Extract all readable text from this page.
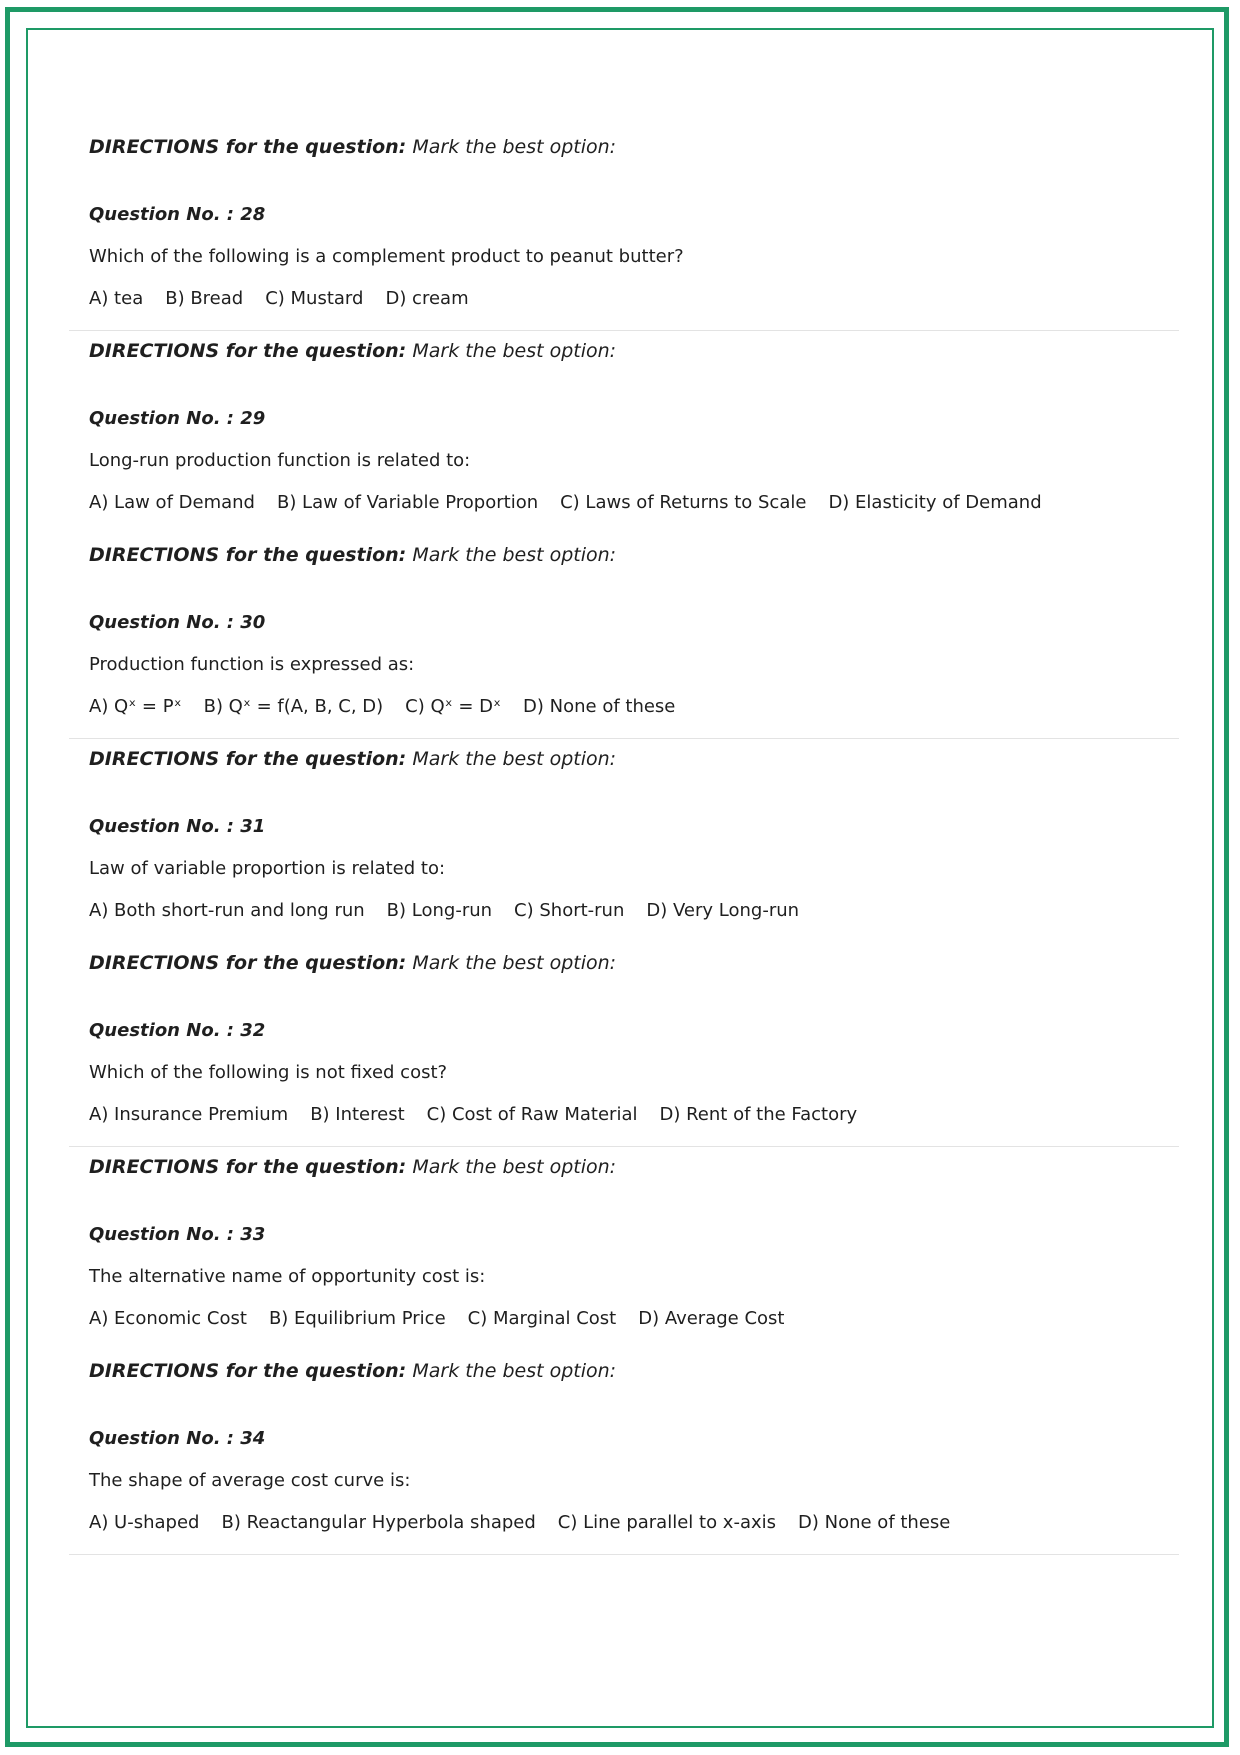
DIRECTIONS for the question: Mark the best option:
Question No. : 28
Which of the following is a complement product to peanut butter?
A) tea B) Bread C) Mustard D) cream
DIRECTIONS for the question: Mark the best option:
Question No. : 29
Long-run production function is related to:
A) Law of Demand B) Law of Variable Proportion C) Laws of Returns to Scale D) Elasticity of Demand
DIRECTIONS for the question: Mark the best option:
Question No. : 30
Production function is expressed as:
A) Qˣ = Pˣ B) Qˣ = f(A, B, C, D) C) Qˣ = Dˣ D) None of these
DIRECTIONS for the question: Mark the best option:
Question No. : 31
Law of variable proportion is related to:
A) Both short-run and long run B) Long-run C) Short-run D) Very Long-run
DIRECTIONS for the question: Mark the best option:
Question No. : 32
Which of the following is not fixed cost?
A) Insurance Premium B) Interest C) Cost of Raw Material D) Rent of the Factory
DIRECTIONS for the question: Mark the best option:
Question No. : 33
The alternative name of opportunity cost is:
A) Economic Cost B) Equilibrium Price C) Marginal Cost D) Average Cost
DIRECTIONS for the question: Mark the best option:
Question No. : 34
The shape of average cost curve is:
A) U-shaped B) Reactangular Hyperbola shaped C) Line parallel to x-axis D) None of these
